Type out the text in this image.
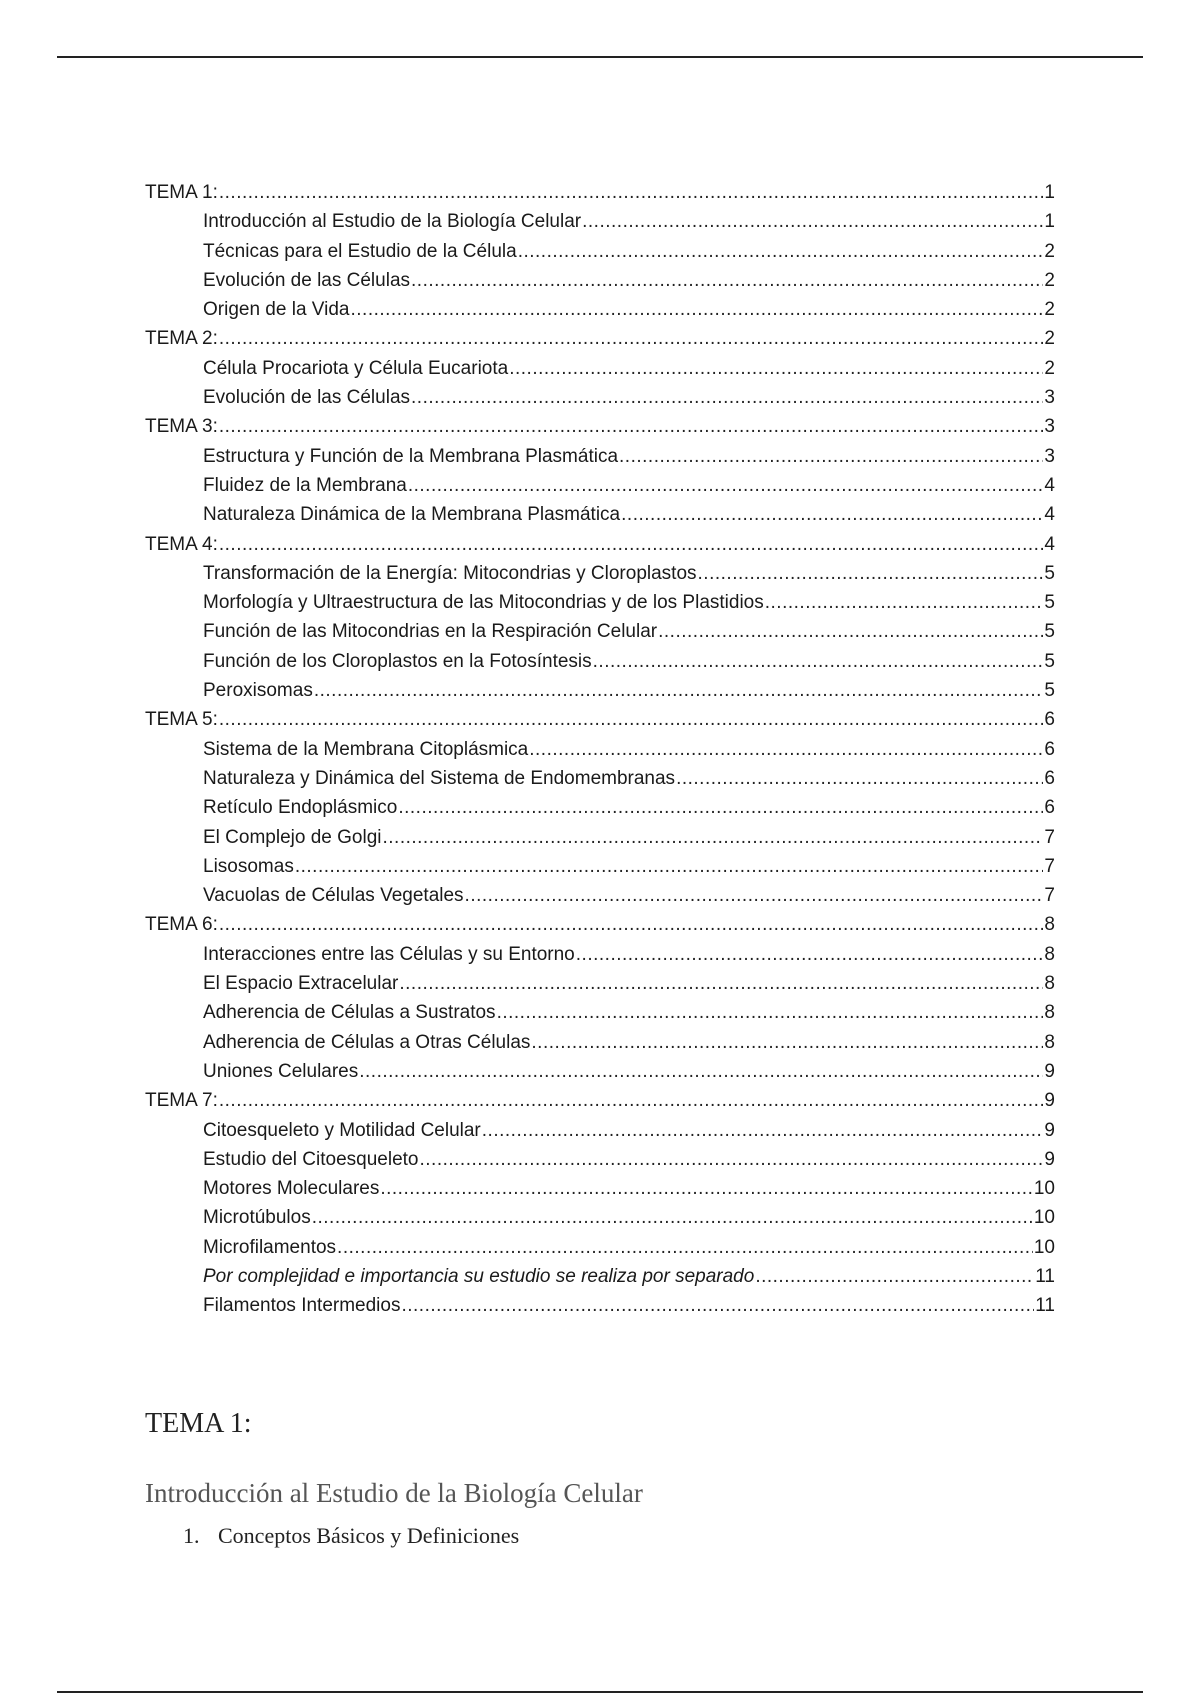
TEMA 1: .....	1
Introducción al Estudio de la Biología Celular .....	1
Técnicas para el Estudio de la Célula .....	2
Evolución de las Células .....	2
Origen de la Vida .....	2
TEMA 2: .....	2
Célula Procariota y Célula Eucariota .....	2
Evolución de las Células .....	3
TEMA 3: .....	3
Estructura y Función de la Membrana Plasmática .....	3
Fluidez de la Membrana .....	4
Naturaleza Dinámica de la Membrana Plasmática .....	4
TEMA 4: .....	4
Transformación de la Energía: Mitocondrias y Cloroplastos .....	5
Morfología y Ultraestructura de las Mitocondrias y de los Plastidios .....	5
Función de las Mitocondrias en la Respiración Celular .....	5
Función de los Cloroplastos en la Fotosíntesis .....	5
Peroxisomas .....	5
TEMA 5: .....	6
Sistema de la Membrana Citoplásmica .....	6
Naturaleza y Dinámica del Sistema de Endomembranas .....	6
Retículo Endoplásmico .....	6
El Complejo de Golgi .....	7
Lisosomas .....	7
Vacuolas de Células Vegetales .....	7
TEMA 6: .....	8
Interacciones entre las Células y su Entorno .....	8
El Espacio Extracelular .....	8
Adherencia de Células a Sustratos .....	8
Adherencia de Células a Otras Células .....	8
Uniones Celulares .....	9
TEMA 7: .....	9
Citoesqueleto y Motilidad Celular .....	9
Estudio del Citoesqueleto .....	9
Motores Moleculares .....	10
Microtúbulos .....	10
Microfilamentos .....	10
Por complejidad e importancia su estudio se realiza por separado .....	11
Filamentos Intermedios .....	11
TEMA 1:
Introducción al Estudio de la Biología Celular
1. Conceptos Básicos y Definiciones
